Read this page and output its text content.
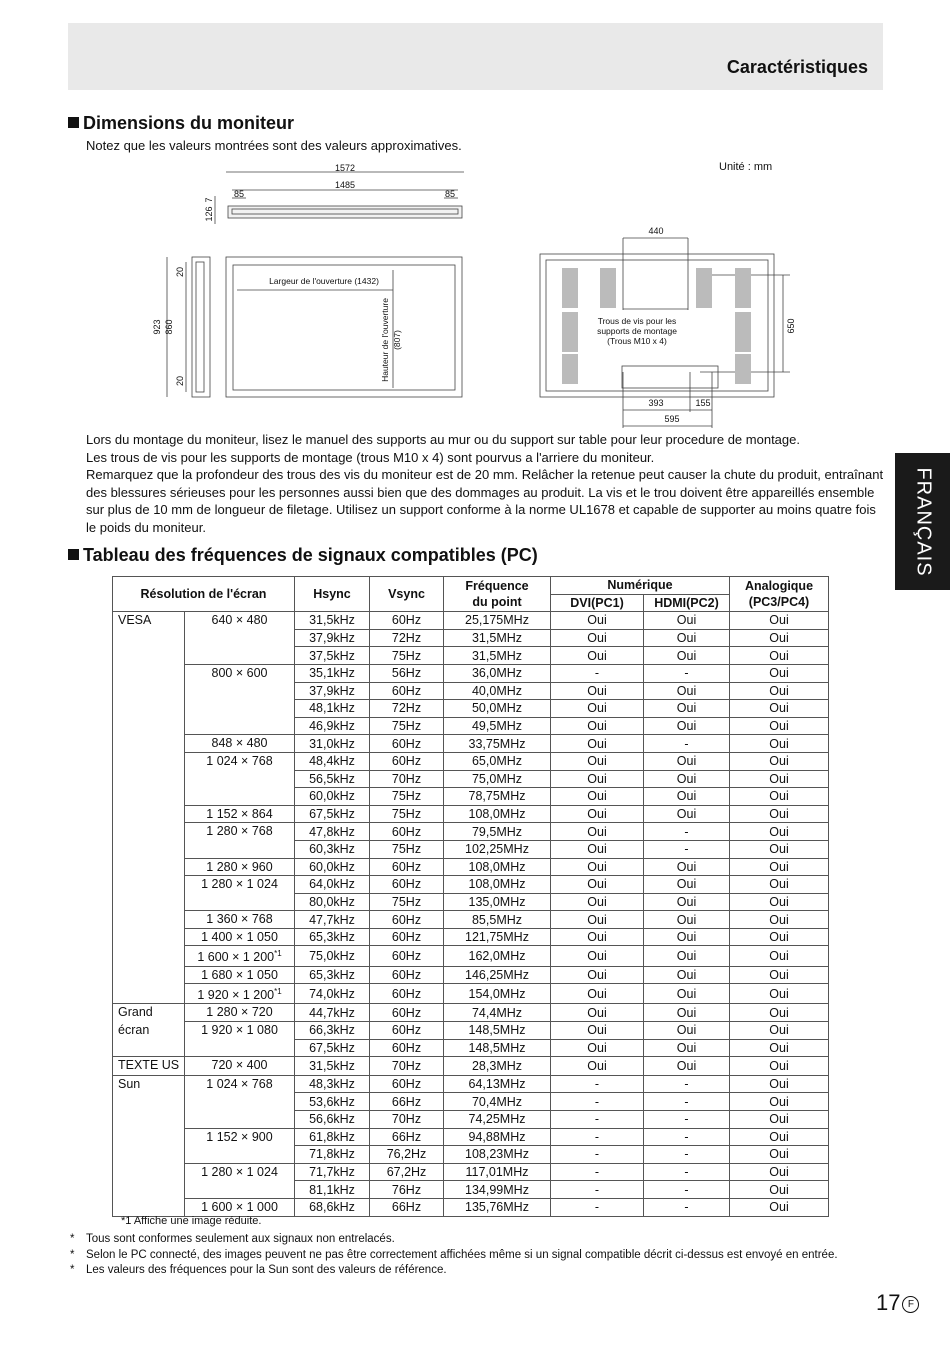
Caractéristiques
Dimensions du moniteur
Notez que les valeurs montrées sont des valeurs approximatives.
Unité : mm
1572
1485
85	85
126
7
923 860
20
20
Largeur de l'ouverture (1432)
Hauteur de l'ouverture (807)
440
650
393	155
595
Trous de vis pour les
supports de montage
(Trous M10 x 4)
Lors du montage du moniteur, lisez le manuel des supports au mur ou du support sur table pour leur procedure de montage.
Les trous de vis pour les supports de montage (trous M10 x 4) sont pourvus a l'arriere du moniteur.
Remarquez que la profondeur des trous des vis du moniteur est de 20 mm. Relâcher la retenue peut causer la chute du produit, entraînant des blessures sérieuses pour les personnes aussi bien que des dommages au produit. La vis et le trou doivent être appareillés ensemble sur plus de 10 mm de longueur de filetage. Utilisez un support conforme à la norme UL1678 et capable de supporter au moins quatre fois le poids du moniteur.	FRANÇAIS
Tableau des fréquences de signaux compatibles (PC)
Résolution de l'écran		Hsync	Vsync	Fréquence
du point	Numérique		Analogique
(PC3/PC4)
					DVI(PC1)	HDMI(PC2)	

VESA	640 × 480	31,5kHz	60Hz	25,175MHz	Oui	Oui	Oui
		37,9kHz	72Hz	31,5MHz	Oui	Oui	Oui
		37,5kHz	75Hz	31,5MHz	Oui	Oui	Oui
	800 × 600	35,1kHz	56Hz	36,0MHz	-	-	Oui
		37,9kHz	60Hz	40,0MHz	Oui	Oui	Oui
		48,1kHz	72Hz	50,0MHz	Oui	Oui	Oui
		46,9kHz	75Hz	49,5MHz	Oui	Oui	Oui
	848 × 480	31,0kHz	60Hz	33,75MHz	Oui	-	Oui
	1 024 × 768	48,4kHz	60Hz	65,0MHz	Oui	Oui	Oui
		56,5kHz	70Hz	75,0MHz	Oui	Oui	Oui
		60,0kHz	75Hz	78,75MHz	Oui	Oui	Oui
	1 152 × 864	67,5kHz	75Hz	108,0MHz	Oui	Oui	Oui
	1 280 × 768	47,8kHz	60Hz	79,5MHz	Oui	-	Oui
		60,3kHz	75Hz	102,25MHz	Oui	-	Oui
	1 280 × 960	60,0kHz	60Hz	108,0MHz	Oui	Oui	Oui
	1 280 × 1 024	64,0kHz	60Hz	108,0MHz	Oui	Oui	Oui
		80,0kHz	75Hz	135,0MHz	Oui	Oui	Oui
	1 360 × 768	47,7kHz	60Hz	85,5MHz	Oui	Oui	Oui
	1 400 × 1 050	65,3kHz	60Hz	121,75MHz	Oui	Oui	Oui
	1 600 × 1 200$^{*1}$	75,0kHz	60Hz	162,0MHz	Oui	Oui	Oui
	1 680 × 1 050	65,3kHz	60Hz	146,25MHz	Oui	Oui	Oui
	1 920 × 1 200$^{*1}$	74,0kHz	60Hz	154,0MHz	Oui	Oui	Oui

Grand
écran	1 280 × 720	44,7kHz	60Hz	74,4MHz	Oui	Oui	Oui
	1 920 × 1 080	66,3kHz	60Hz	148,5MHz	Oui	Oui	Oui
		67,5kHz	60Hz	148,5MHz	Oui	Oui	Oui

TEXTE US	720 × 400	31,5kHz	70Hz	28,3MHz	Oui	Oui	Oui

Sun	1 024 × 768	48,3kHz	60Hz	64,13MHz	-	-	Oui
		53,6kHz	66Hz	70,4MHz	-	-	Oui
		56,6kHz	70Hz	74,25MHz	-	-	Oui
	1 152 × 900	61,8kHz	66Hz	94,88MHz	-	-	Oui
		71,8kHz	76,2Hz	108,23MHz	-	-	Oui
	1 280 × 1 024	71,7kHz	67,2Hz	117,01MHz	-	-	Oui
		81,1kHz	76Hz	134,99MHz	-	-	Oui
	1 600 × 1 000	68,6kHz	66Hz	135,76MHz	-	-	Oui
*1 Affiche une image réduite.
* Tous sont conformes seulement aux signaux non entrelacés.
* Selon le PC connecté, des images peuvent ne pas être correctement affichées même si un signal compatible décrit ci-dessus est envoyé en entrée.
* Les valeurs des fréquences pour la Sun sont des valeurs de référence.
17 F
